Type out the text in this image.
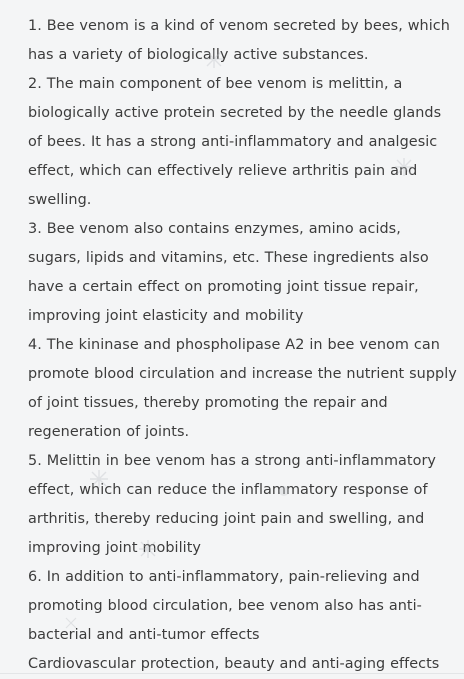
1. Bee venom is a kind of venom secreted by bees, which has a variety of biologically active substances.

2. The main component of bee venom is melittin, a biologically active protein secreted by the needle glands of bees. It has a strong anti-inflammatory and analgesic effect, which can effectively relieve arthritis pain and swelling.

3. Bee venom also contains enzymes, amino acids, sugars, lipids and vitamins, etc. These ingredients also have a certain effect on promoting joint tissue repair, improving joint elasticity and mobility

4. The kininase and phospholipase A2 in bee venom can promote blood circulation and increase the nutrient supply of joint tissues, thereby promoting the repair and regeneration of joints.

5. Melittin in bee venom has a strong anti-inflammatory effect, which can reduce the inflammatory response of arthritis, thereby reducing joint pain and swelling, and improving joint mobility

6. In addition to anti-inflammatory, pain-relieving and promoting blood circulation, bee venom also has anti-bacterial and anti-tumor effects

Cardiovascular protection, beauty and anti-aging effects
